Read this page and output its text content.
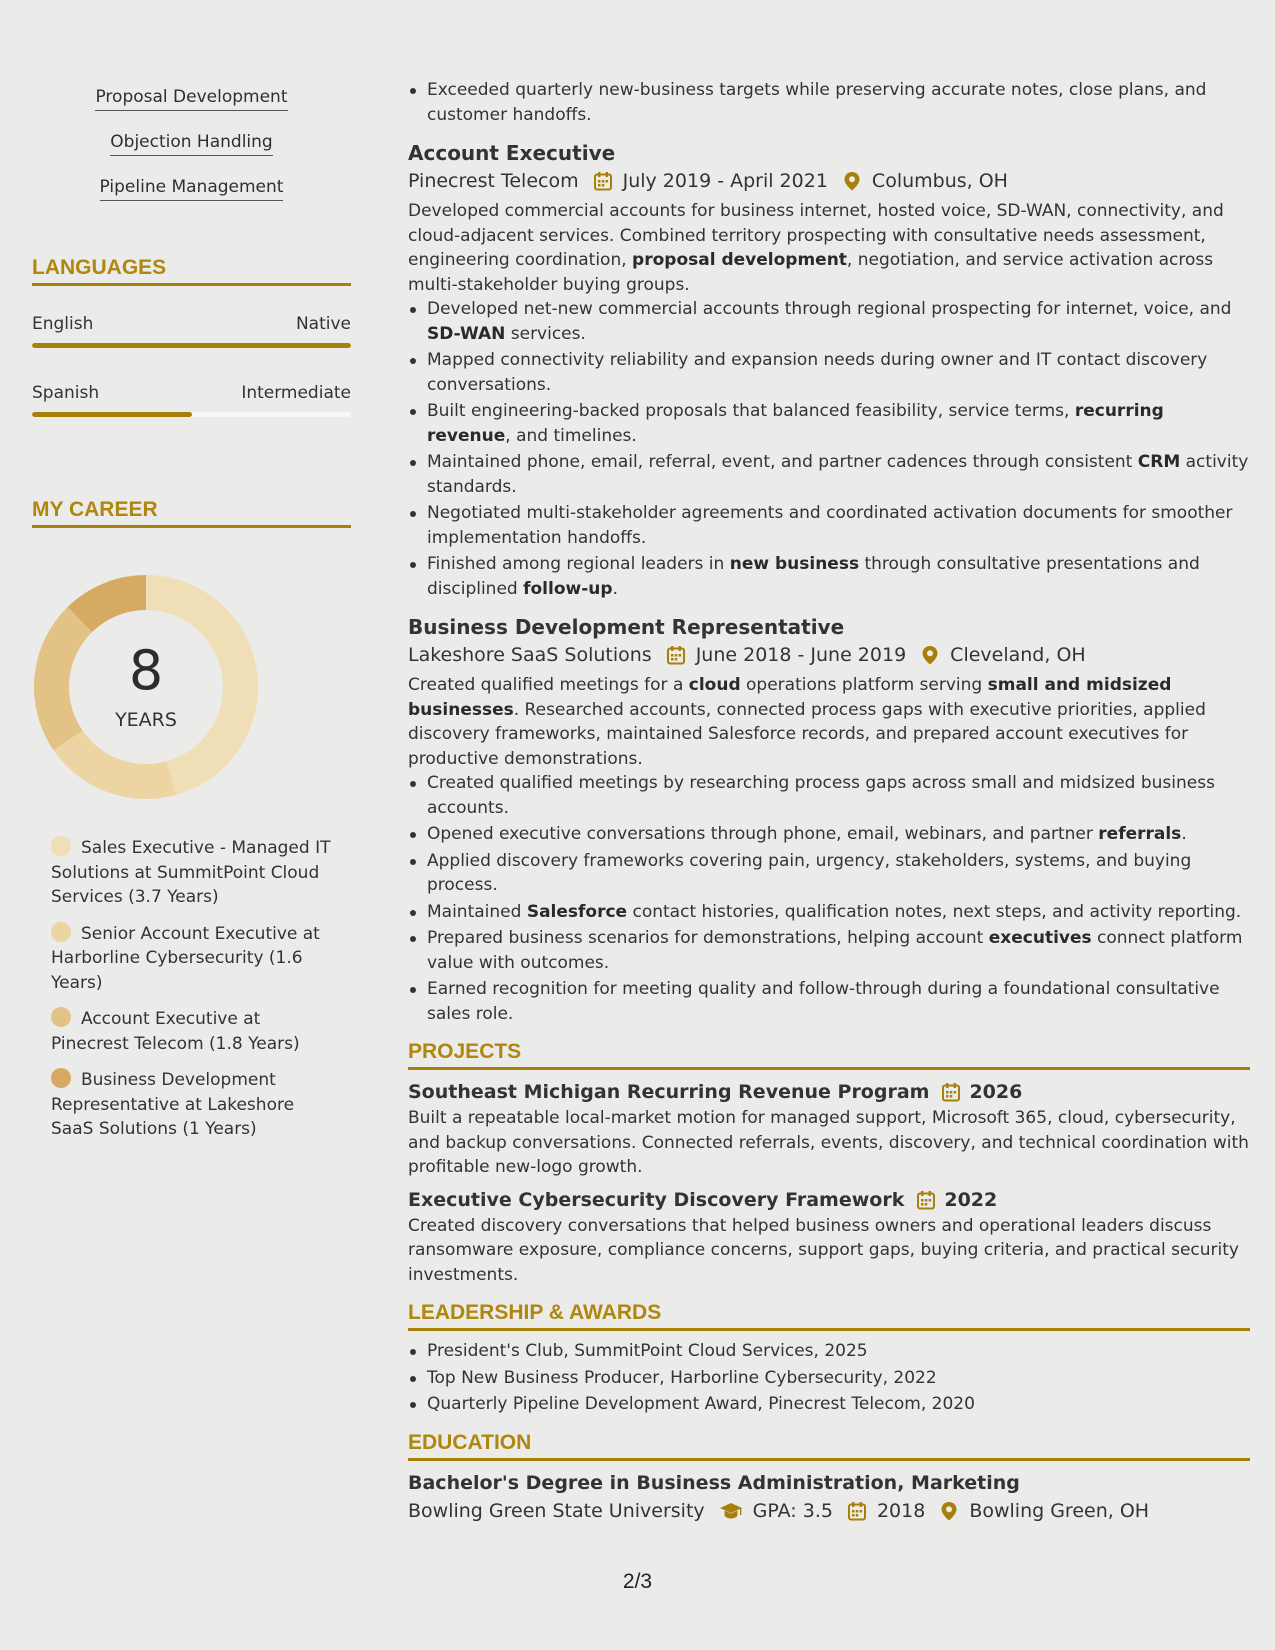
Proposal Development
Objection Handling
Pipeline Management
LANGUAGES
English	Native
Spanish	Intermediate
MY CAREER
8
YEARS
Sales Executive - Managed IT Solutions at SummitPoint Cloud Services (3.7 Years)
Senior Account Executive at Harborline Cybersecurity (1.6 Years)
Account Executive at Pinecrest Telecom (1.8 Years)
Business Development Representative at Lakeshore SaaS Solutions (1 Years)
Exceeded quarterly new-business targets while preserving accurate notes, close plans, and customer handoffs.
Account Executive
Pinecrest Telecom July 2019 - April 2021 Columbus, OH
Developed commercial accounts for business internet, hosted voice, SD-WAN, connectivity, and cloud-adjacent services. Combined territory prospecting with consultative needs assessment, engineering coordination, proposal development, negotiation, and service activation across multi-stakeholder buying groups.
Developed net-new commercial accounts through regional prospecting for internet, voice, and SD-WAN services.
Mapped connectivity reliability and expansion needs during owner and IT contact discovery conversations.
Built engineering-backed proposals that balanced feasibility, service terms, recurring revenue, and timelines.
Maintained phone, email, referral, event, and partner cadences through consistent CRM activity standards.
Negotiated multi-stakeholder agreements and coordinated activation documents for smoother implementation handoffs.
Finished among regional leaders in new business through consultative presentations and disciplined follow-up.
Business Development Representative
Lakeshore SaaS Solutions June 2018 - June 2019 Cleveland, OH
Created qualified meetings for a cloud operations platform serving small and midsized businesses. Researched accounts, connected process gaps with executive priorities, applied discovery frameworks, maintained Salesforce records, and prepared account executives for productive demonstrations.
Created qualified meetings by researching process gaps across small and midsized business accounts.
Opened executive conversations through phone, email, webinars, and partner referrals.
Applied discovery frameworks covering pain, urgency, stakeholders, systems, and buying process.
Maintained Salesforce contact histories, qualification notes, next steps, and activity reporting.
Prepared business scenarios for demonstrations, helping account executives connect platform value with outcomes.
Earned recognition for meeting quality and follow-through during a foundational consultative sales role.
PROJECTS
Southeast Michigan Recurring Revenue Program 2026
Built a repeatable local-market motion for managed support, Microsoft 365, cloud, cybersecurity, and backup conversations. Connected referrals, events, discovery, and technical coordination with profitable new-logo growth.
Executive Cybersecurity Discovery Framework 2022
Created discovery conversations that helped business owners and operational leaders discuss ransomware exposure, compliance concerns, support gaps, buying criteria, and practical security investments.
LEADERSHIP & AWARDS
President's Club, SummitPoint Cloud Services, 2025
Top New Business Producer, Harborline Cybersecurity, 2022
Quarterly Pipeline Development Award, Pinecrest Telecom, 2020
EDUCATION
Bachelor's Degree in Business Administration, Marketing
Bowling Green State University	GPA: 3.5 2018 Bowling Green, OH
2/3
